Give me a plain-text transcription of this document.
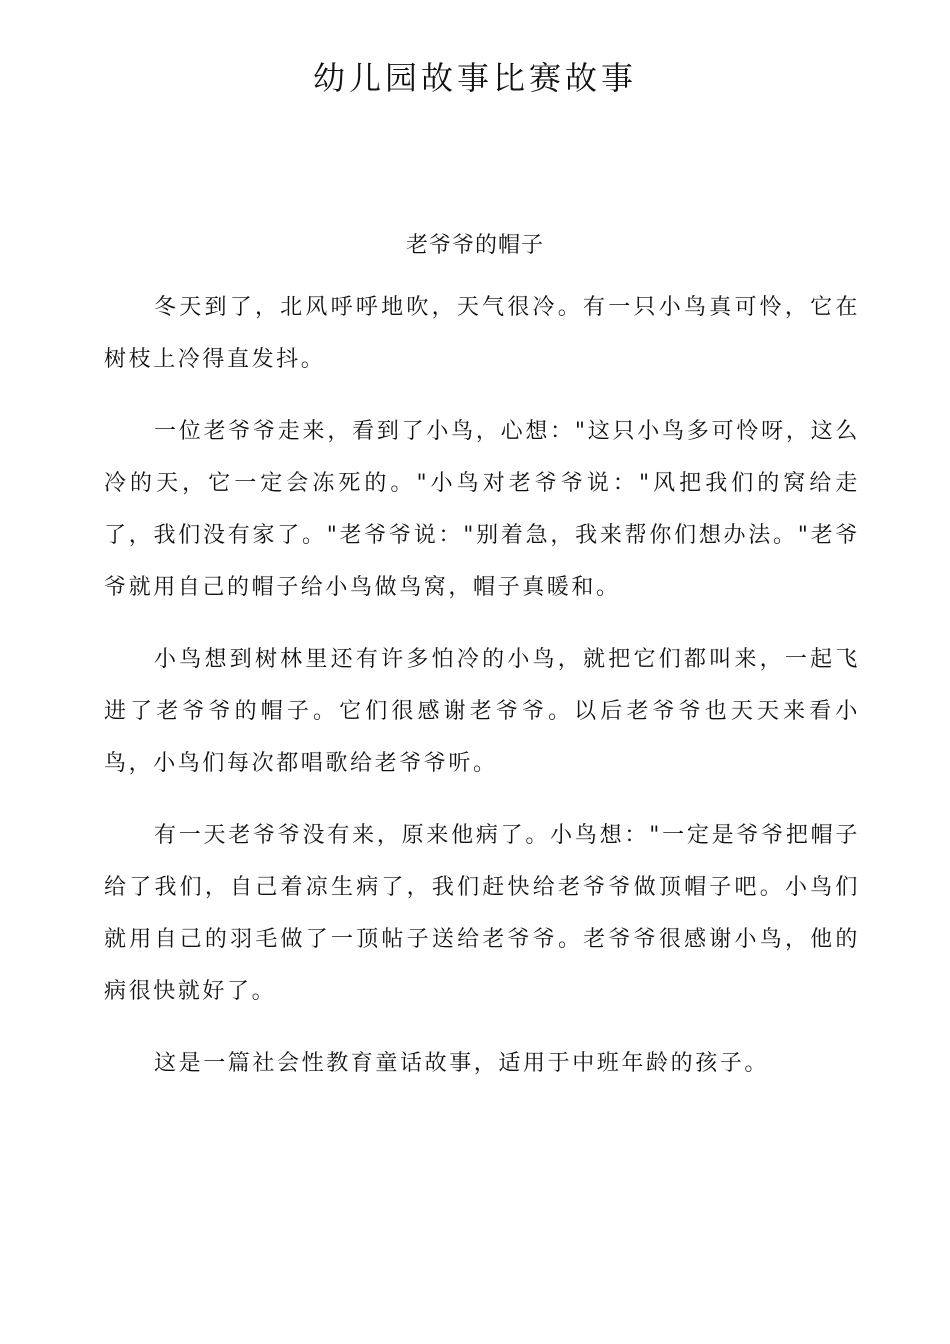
幼儿园故事比赛故事
老爷爷的帽子

冬天到了，北风呼呼地吹，天气很冷。有一只小鸟真可怜，它在树枝上冷得直发抖。

一位老爷爷走来，看到了小鸟，心想："这只小鸟多可怜呀，这么冷的天，它一定会冻死的。"小鸟对老爷爷说："风把我们的窝给走了，我们没有家了。"老爷爷说："别着急，我来帮你们想办法。"老爷爷就用自己的帽子给小鸟做鸟窝，帽子真暖和。

小鸟想到树林里还有许多怕冷的小鸟，就把它们都叫来，一起飞进了老爷爷的帽子。它们很感谢老爷爷。以后老爷爷也天天来看小鸟，小鸟们每次都唱歌给老爷爷听。

有一天老爷爷没有来，原来他病了。小鸟想："一定是爷爷把帽子给了我们，自己着凉生病了，我们赶快给老爷爷做顶帽子吧。小鸟们就用自己的羽毛做了一顶帖子送给老爷爷。老爷爷很感谢小鸟，他的病很快就好了。

这是一篇社会性教育童话故事，适用于中班年龄的孩子。
